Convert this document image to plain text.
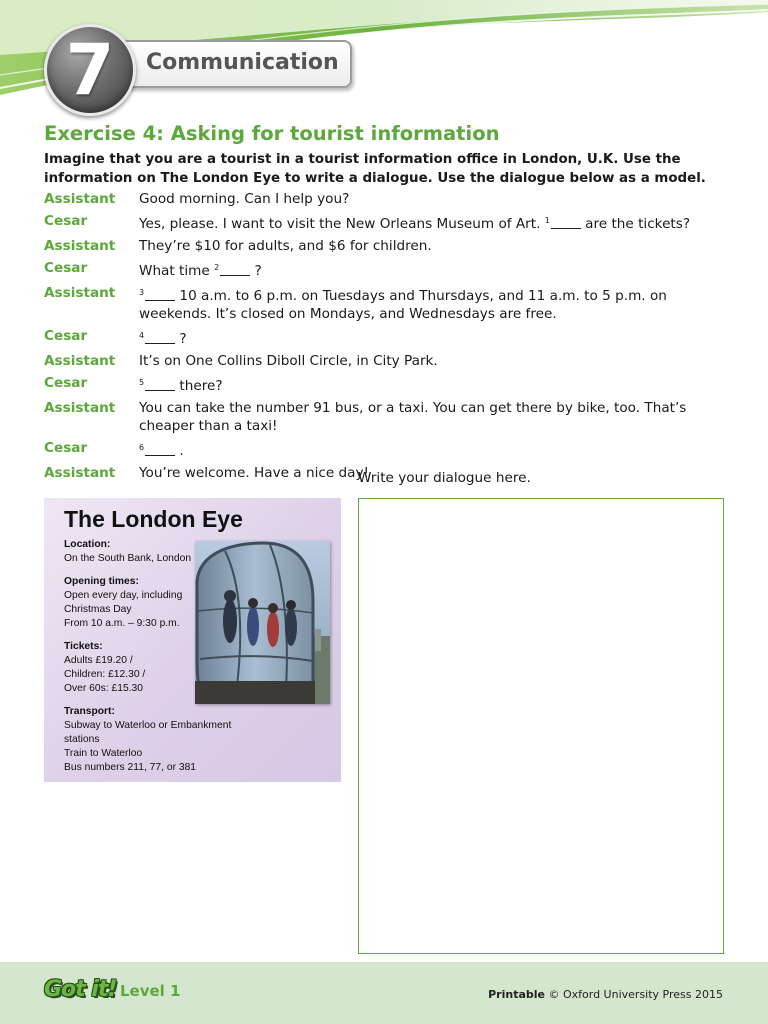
7	Communication
Exercise 4: Asking for tourist information
Imagine that you are a tourist in a tourist information office in London, U.K. Use the information on The London Eye to write a dialogue. Use the dialogue below as a model.
Assistant	Good morning. Can I help you?
Cesar	Yes, please. I want to visit the New Orleans Museum of Art. $^1$ are the tickets?
Assistant	They’re $10 for adults, and $6 for children.
Cesar	What time $^2$ ?
Assistant	$^3$ 10 a.m. to 6 p.m. on Tuesdays and Thursdays, and 11 a.m. to 5 p.m. on weekends. It’s closed on Mondays, and Wednesdays are free.
Cesar	$^4$ ?
Assistant	It’s on One Collins Diboll Circle, in City Park.
Cesar	$^5$ there?
Assistant	You can take the number 91 bus, or a taxi. You can get there by bike, too. That’s cheaper than a taxi!
Cesar	$^6$ .
Assistant	You’re welcome. Have a nice day!
Write your dialogue here.
The London Eye
Location:
On the South Bank, London
Opening times:
Open every day, including
Christmas Day
From 10 a.m. – 9:30 p.m.
Tickets:
Adults £19.20 /
Children: £12.30 /
Over 60s: £15.30
Transport:
Subway to Waterloo or Embankment stations
Train to Waterloo
Bus numbers 211, 77, or 381
Got it! Level 1	Printable © Oxford University Press 2015
